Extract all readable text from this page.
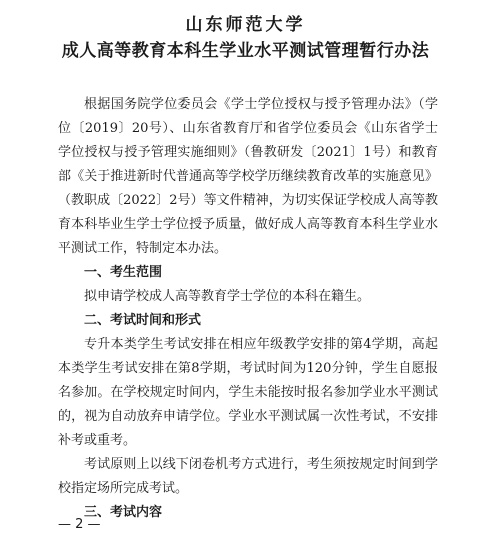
山东师范大学
成人高等教育本科生学业水平测试管理暂行办法

根据国务院学位委员会《学士学位授权与授予管理办法》（学位〔2019〕20号）、山东省教育厅和省学位委员会《山东省学士学位授权与授予管理实施细则》（鲁教研发〔2021〕1号）和教育部《关于推进新时代普通高等学校学历继续教育改革的实施意见》（教职成〔2022〕2号）等文件精神，为切实保证学校成人高等教育本科毕业生学士学位授予质量，做好成人高等教育本科生学业水平测试工作，特制定本办法。

一、考生范围

拟申请学校成人高等教育学士学位的本科在籍生。

二、考试时间和形式

专升本类学生考试安排在相应年级教学安排的第4学期，高起本类学生考试安排在第8学期，考试时间为120分钟，学生自愿报名参加。在学校规定时间内，学生未能按时报名参加学业水平测试的，视为自动放弃申请学位。学业水平测试属一次性考试，不安排补考或重考。

考试原则上以线下闭卷机考方式进行，考生须按规定时间到学校指定场所完成考试。

三、考试内容
— 2 —
